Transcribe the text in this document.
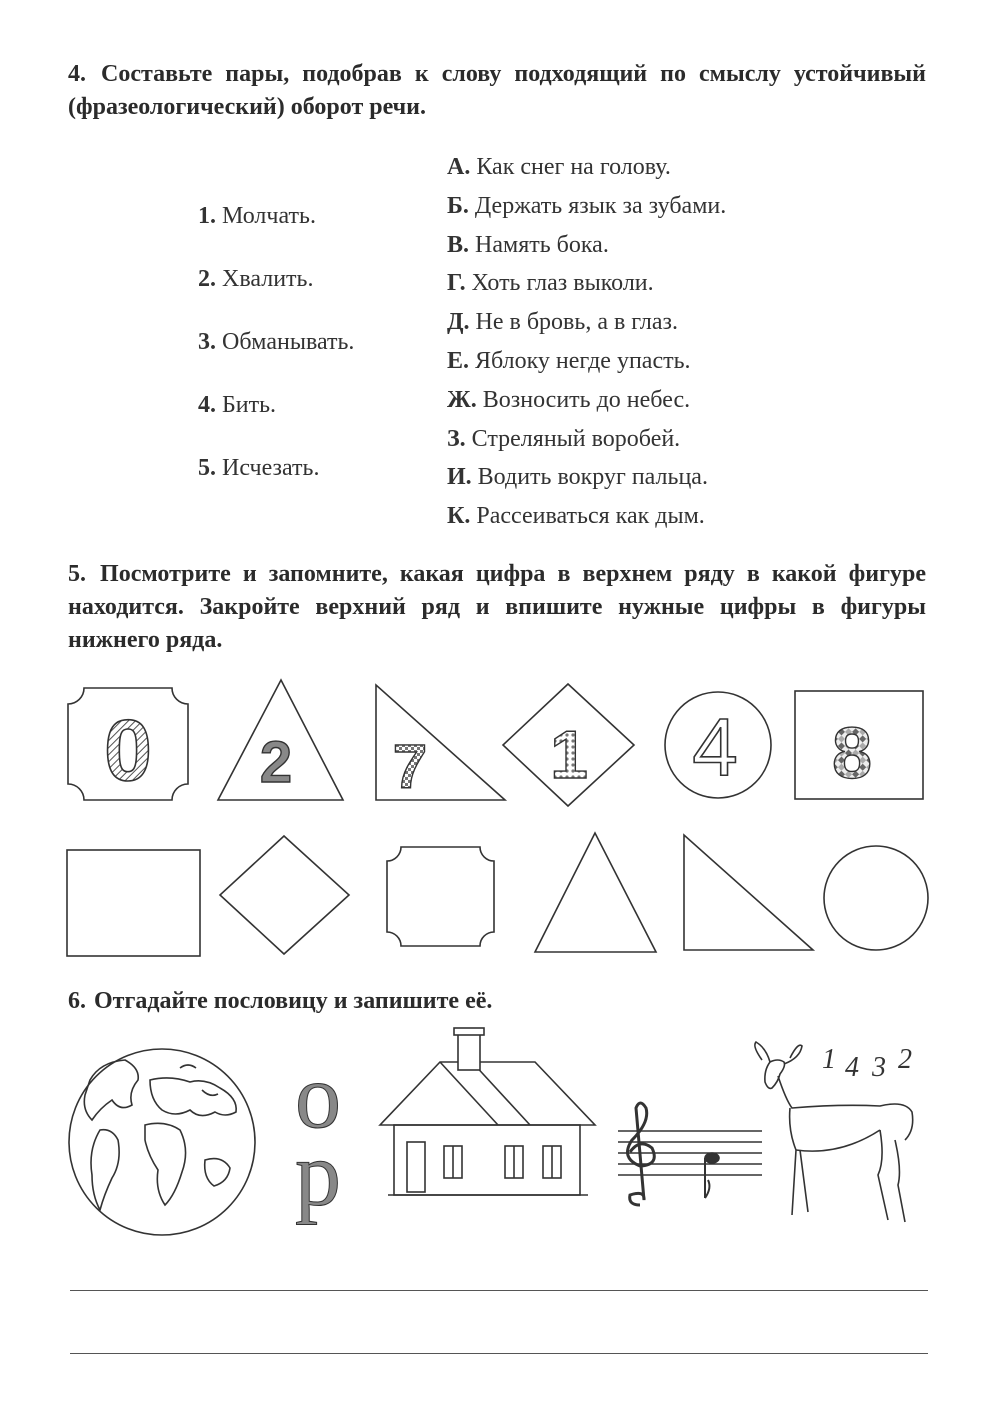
4. Составьте пары, подобрав к слову подходящий по смыслу устойчивый (фразеологический) оборот речи.

1. Молчать.
2. Хвалить.
3. Обманывать.
4. Бить.
5. Исчезать.
А. Как снег на голову.
Б. Держать язык за зубами.
В. Намять бока.
Г. Хоть глаз выколи.
Д. Не в бровь, а в глаз.
Е. Яблоку негде упасть.
Ж. Возносить до небес.
З. Стреляный воробей.
И. Водить вокруг пальца.
К. Рассеиваться как дым.

5. Посмотрите и запомните, какая цифра в верхнем ряду в какой фигуре находится. Закройте верхний ряд и впишите нужные цифры в фигуры нижнего ряда.

6. Отгадайте пословицу и запишите её.

0 2 7 1 4 8
о
р
1 4 3 2
